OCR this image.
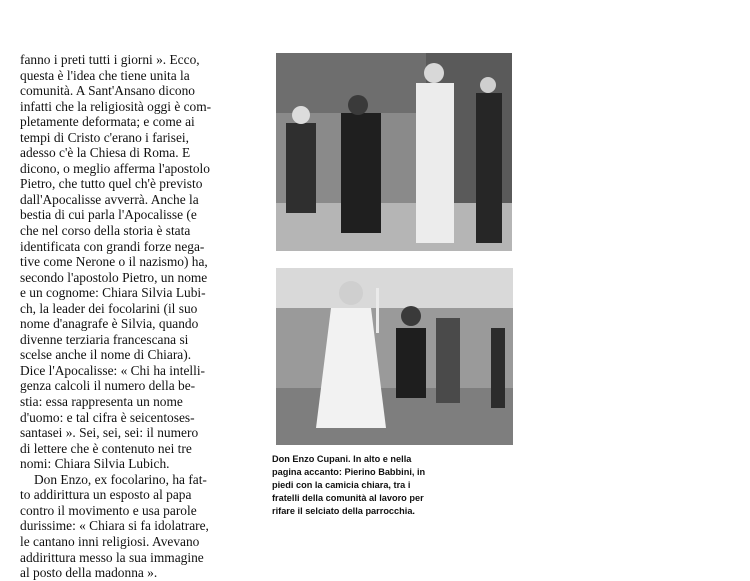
fanno i preti tutti i giorni ». Ecco,
questa è l'idea che tiene unita la
comunità. A Sant'Ansano dicono
infatti che la religiosità oggi è com-
pletamente deformata; e come ai
tempi di Cristo c'erano i farisei,
adesso c'è la Chiesa di Roma. E
dicono, o meglio afferma l'apostolo
Pietro, che tutto quel ch'è previsto
dall'Apocalisse avverrà. Anche la
bestia di cui parla l'Apocalisse (e
che nel corso della storia è stata
identificata con grandi forze nega-
tive come Nerone o il nazismo) ha,
secondo l'apostolo Pietro, un nome
e un cognome: Chiara Silvia Lubi-
ch, la leader dei focolarini (il suo
nome d'anagrafe è Silvia, quando
divenne terziaria francescana si
scelse anche il nome di Chiara).
Dice l'Apocalisse: « Chi ha intelli-
genza calcoli il numero della be-
stia: essa rappresenta un nome
d'uomo: e tal cifra è seicentoses-
santasei ». Sei, sei, sei: il numero
di lettere che è contenuto nei tre
nomi: Chiara Silvia Lubich.
Don Enzo, ex focolarino, ha fat-
to addirittura un esposto al papa
contro il movimento e usa parole
durissime: « Chiara si fa idolatrare,
le cantano inni religiosi. Avevano
addirittura messo la sua immagine
al posto della madonna ».
Don Enzo Cupani. In alto e nella
pagina accanto: Pierino Babbini, in
piedi con la camicia chiara, tra i
fratelli della comunità al lavoro per
rifare il selciato della parrocchia.
